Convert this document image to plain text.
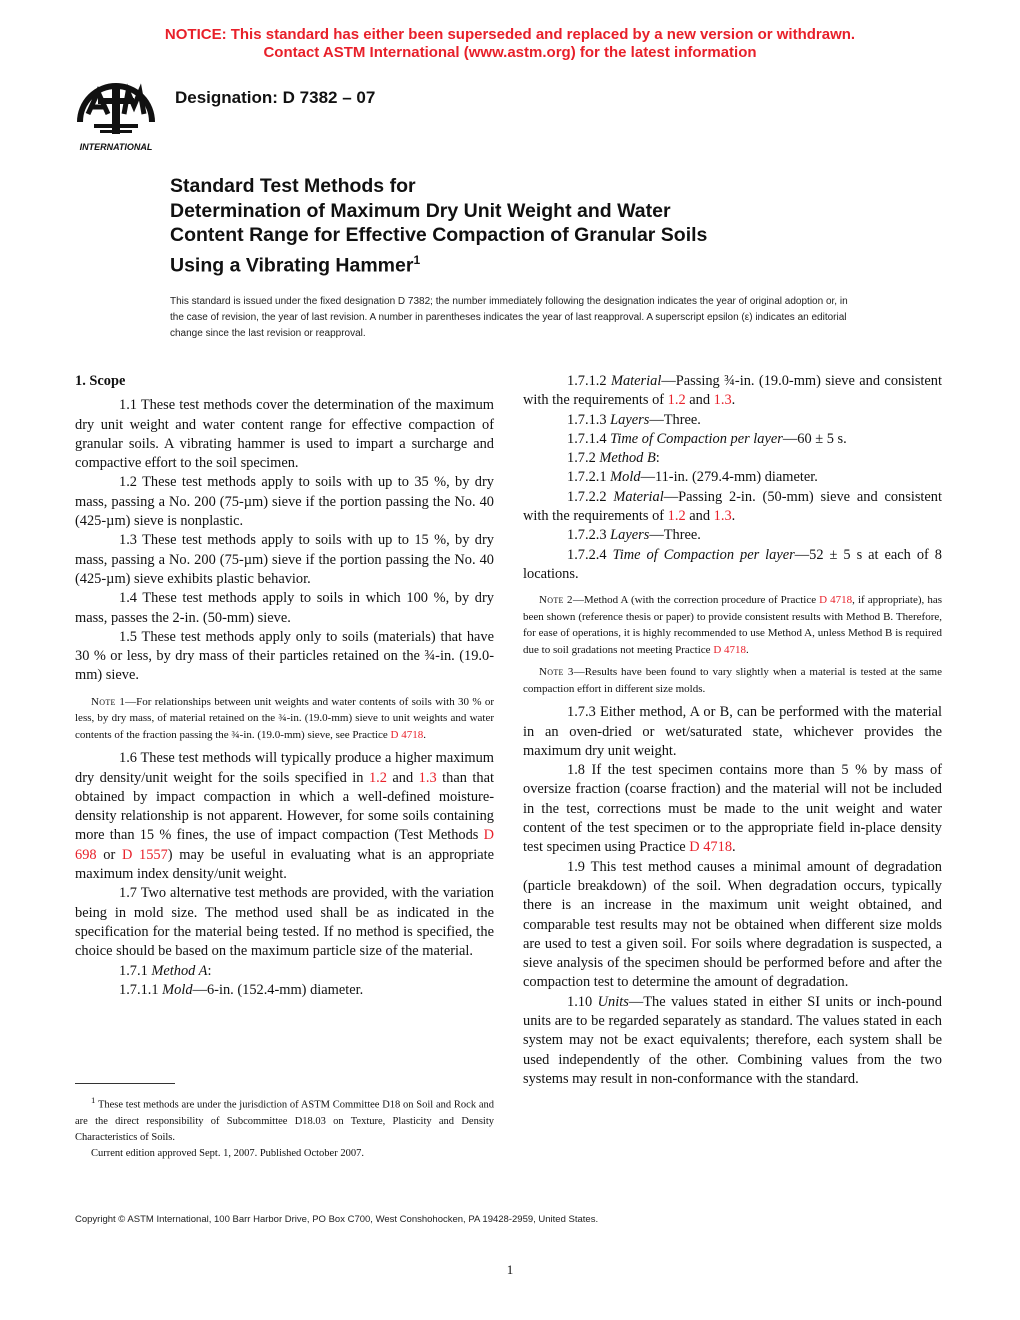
NOTICE: This standard has either been superseded and replaced by a new version or withdrawn.
Contact ASTM International (www.astm.org) for the latest information
INTERNATIONAL
Designation: D 7382 – 07
Standard Test Methods for
Determination of Maximum Dry Unit Weight and Water
Content Range for Effective Compaction of Granular Soils
Using a Vibrating Hammer$^1$
This standard is issued under the fixed designation D 7382; the number immediately following the designation indicates the year of original adoption or, in the case of revision, the year of last revision. A number in parentheses indicates the year of last reapproval. A superscript epsilon (ε) indicates an editorial change since the last revision or reapproval.
1. Scope

1.1 These test methods cover the determination of the maximum dry unit weight and water content range for effective compaction of granular soils. A vibrating hammer is used to impart a surcharge and compactive effort to the soil specimen.

1.2 These test methods apply to soils with up to 35 %, by dry mass, passing a No. 200 (75-µm) sieve if the portion passing the No. 40 (425-µm) sieve is nonplastic.

1.3 These test methods apply to soils with up to 15 %, by dry mass, passing a No. 200 (75-µm) sieve if the portion passing the No. 40 (425-µm) sieve exhibits plastic behavior.

1.4 These test methods apply to soils in which 100 %, by dry mass, passes the 2-in. (50-mm) sieve.

1.5 These test methods apply only to soils (materials) that have 30 % or less, by dry mass of their particles retained on the ¾-in. (19.0-mm) sieve.

Note 1—For relationships between unit weights and water contents of soils with 30 % or less, by dry mass, of material retained on the ¾-in. (19.0-mm) sieve to unit weights and water contents of the fraction passing the ¾-in. (19.0-mm) sieve, see Practice D 4718.

1.6 These test methods will typically produce a higher maximum dry density/unit weight for the soils specified in 1.2 and 1.3 than that obtained by impact compaction in which a well-defined moisture-density relationship is not apparent. However, for some soils containing more than 15 % fines, the use of impact compaction (Test Methods D 698 or D 1557) may be useful in evaluating what is an appropriate maximum index density/unit weight.

1.7 Two alternative test methods are provided, with the variation being in mold size. The method used shall be as indicated in the specification for the material being tested. If no method is specified, the choice should be based on the maximum particle size of the material.

1.7.1 Method A:

1.7.1.1 Mold—6-in. (152.4-mm) diameter.

1.7.1.2 Material—Passing ¾-in. (19.0-mm) sieve and consistent with the requirements of 1.2 and 1.3.

1.7.1.3 Layers—Three.

1.7.1.4 Time of Compaction per layer—60 ± 5 s.

1.7.2 Method B:

1.7.2.1 Mold—11-in. (279.4-mm) diameter.

1.7.2.2 Material—Passing 2-in. (50-mm) sieve and consistent with the requirements of 1.2 and 1.3.

1.7.2.3 Layers—Three.

1.7.2.4 Time of Compaction per layer—52 ± 5 s at each of 8 locations.

Note 2—Method A (with the correction procedure of Practice D 4718, if appropriate), has been shown (reference thesis or paper) to provide consistent results with Method B. Therefore, for ease of operations, it is highly recommended to use Method A, unless Method B is required due to soil gradations not meeting Practice D 4718.

Note 3—Results have been found to vary slightly when a material is tested at the same compaction effort in different size molds.

1.7.3 Either method, A or B, can be performed with the material in an oven-dried or wet/saturated state, whichever provides the maximum dry unit weight.

1.8 If the test specimen contains more than 5 % by mass of oversize fraction (coarse fraction) and the material will not be included in the test, corrections must be made to the unit weight and water content of the test specimen or to the appropriate field in-place density test specimen using Practice D 4718.

1.9 This test method causes a minimal amount of degradation (particle breakdown) of the soil. When degradation occurs, typically there is an increase in the maximum unit weight obtained, and comparable test results may not be obtained when different size molds are used to test a given soil. For soils where degradation is suspected, a sieve analysis of the specimen should be performed before and after the compaction test to determine the amount of degradation.

1.10 Units—The values stated in either SI units or inch-pound units are to be regarded separately as standard. The values stated in each system may not be exact equivalents; therefore, each system shall be used independently of the other. Combining values from the two systems may result in non-conformance with the standard.

$^1$ These test methods are under the jurisdiction of ASTM Committee D18 on Soil and Rock and are the direct responsibility of Subcommittee D18.03 on Texture, Plasticity and Density Characteristics of Soils.

Current edition approved Sept. 1, 2007. Published October 2007.

Copyright © ASTM International, 100 Barr Harbor Drive, PO Box C700, West Conshohocken, PA 19428-2959, United States.
1
